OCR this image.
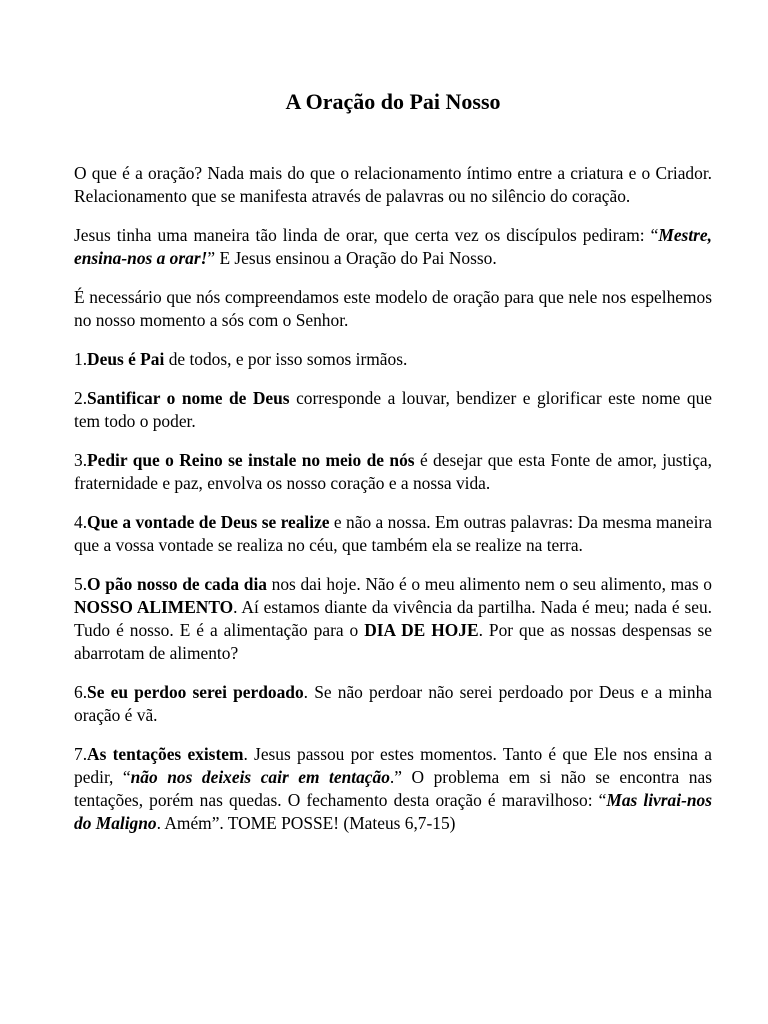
A Oração do Pai Nosso

O que é a oração? Nada mais do que o relacionamento íntimo entre a criatura e o Criador. Relacionamento que se manifesta através de palavras ou no silêncio do coração.

Jesus tinha uma maneira tão linda de orar, que certa vez os discípulos pediram: “Mestre, ensina-nos a orar!” E Jesus ensinou a Oração do Pai Nosso.

É necessário que nós compreendamos este modelo de oração para que nele nos espelhemos no nosso momento a sós com o Senhor.

1.Deus é Pai de todos, e por isso somos irmãos.

2.Santificar o nome de Deus corresponde a louvar, bendizer e glorificar este nome que tem todo o poder.

3.Pedir que o Reino se instale no meio de nós é desejar que esta Fonte de amor, justiça, fraternidade e paz, envolva os nosso coração e a nossa vida.

4.Que a vontade de Deus se realize e não a nossa. Em outras palavras: Da mesma maneira que a vossa vontade se realiza no céu, que também ela se realize na terra.

5.O pão nosso de cada dia nos dai hoje. Não é o meu alimento nem o seu alimento, mas o NOSSO ALIMENTO. Aí estamos diante da vivência da partilha. Nada é meu; nada é seu. Tudo é nosso. E é a alimentação para o DIA DE HOJE. Por que as nossas despensas se abarrotam de alimento?

6.Se eu perdoo serei perdoado. Se não perdoar não serei perdoado por Deus e a minha oração é vã.

7.As tentações existem. Jesus passou por estes momentos. Tanto é que Ele nos ensina a pedir, “não nos deixeis cair em tentação.” O problema em si não se encontra nas tentações, porém nas quedas. O fechamento desta oração é maravilhoso: “Mas livrai-nos do Maligno. Amém”. TOME POSSE! (Mateus 6,7-15)
